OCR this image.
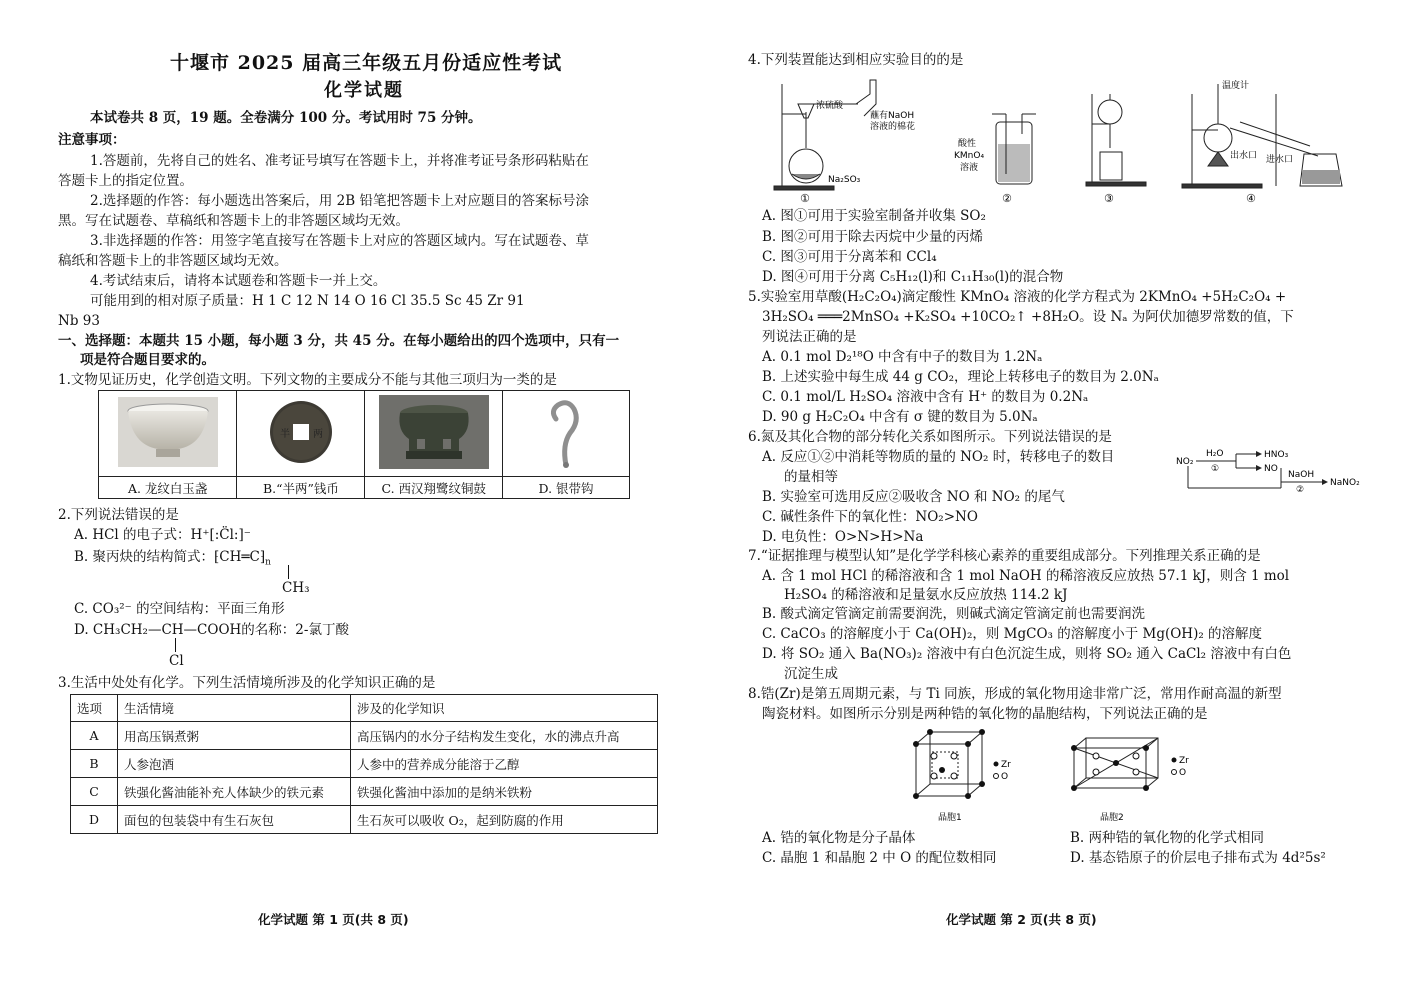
十堰市 2025 届高三年级五月份适应性考试
化学试题
本试卷共 8 页，19 题。全卷满分 100 分。考试用时 75 分钟。
注意事项：
1.答题前，先将自己的姓名、准考证号填写在答题卡上，并将准考证号条形码粘贴在
答题卡上的指定位置。
2.选择题的作答：每小题选出答案后，用 2B 铅笔把答题卡上对应题目的答案标号涂
黑。写在试题卷、草稿纸和答题卡上的非答题区域均无效。
3.非选择题的作答：用签字笔直接写在答题卡上对应的答题区域内。写在试题卷、草
稿纸和答题卡上的非答题区域均无效。
4.考试结束后，请将本试题卷和答题卡一并上交。
可能用到的相对原子质量：H 1 C 12 N 14 O 16 Cl 35.5 Sc 45 Zr 91
Nb 93
一、选择题：本题共 15 小题，每小题 3 分，共 45 分。在每小题给出的四个选项中，只有一
项是符合题目要求的。
1.文物见证历史，化学创造文明。下列文物的主要成分不能与其他三项归为一类的是

半 两

A. 龙纹白玉盏	B.“半两”钱币	C. 西汉翔鹭纹铜鼓	D. 银带钩
2.下列说法错误的是
A. HCl 的电子式：H⁺[:C̈l:]⁻
B. 聚丙炔的结构简式：$⁅CH═C⁆_n$
CH₃
C. CO₃²⁻ 的空间结构：平面三角形
D. CH₃CH₂—CH—COOH的名称：2-氯丁酸
Cl
3.生活中处处有化学。下列生活情境所涉及的化学知识正确的是
选项	生活情境	涉及的化学知识
A	用高压锅煮粥	高压锅内的水分子结构发生变化，水的沸点升高
B	人参泡酒	人参中的营养成分能溶于乙醇
C	铁强化酱油能补充人体缺少的铁元素	铁强化酱油中添加的是纳米铁粉
D	面包的包装袋中有生石灰包	生石灰可以吸收 O₂，起到防腐的作用
化学试题 第 1 页(共 8 页)
4.下列装置能达到相应实验目的的是
浓硫酸
蘸有NaOH
溶液的棉花
Na₂SO₃
①
酸性
KMnO₄
溶液
②	③
温度计
出水口 进水口
④
A. 图①可用于实验室制备并收集 SO₂
B. 图②可用于除去丙烷中少量的丙烯
C. 图③可用于分离苯和 CCl₄
D. 图④可用于分离 C₅H₁₂(l)和 C₁₁H₃₀(l)的混合物
5.实验室用草酸(H₂C₂O₄)滴定酸性 KMnO₄ 溶液的化学方程式为 2KMnO₄ +5H₂C₂O₄ +
3H₂SO₄ ═══2MnSO₄ +K₂SO₄ +10CO₂↑ +8H₂O。设 Nₐ 为阿伏加德罗常数的值，下
列说法正确的是
A. 0.1 mol D₂¹⁸O 中含有中子的数目为 1.2Nₐ
B. 上述实验中每生成 44 g CO₂，理论上转移电子的数目为 2.0Nₐ
C. 0.1 mol/L H₂SO₄ 溶液中含有 H⁺ 的数目为 0.2Nₐ
D. 90 g H₂C₂O₄ 中含有 σ 键的数目为 5.0Nₐ
6.氮及其化合物的部分转化关系如图所示。下列说法错误的是
A. 反应①②中消耗等物质的量的 NO₂ 时，转移电子的数目
的量相等
B. 实验室可选用反应②吸收含 NO 和 NO₂ 的尾气
C. 碱性条件下的氧化性：NO₂>NO
D. 电负性：O>N>H>Na
NO₂
H₂O
①
HNO₃
NO
NaOH
②
NaNO₂
7.“证据推理与模型认知”是化学学科核心素养的重要组成部分。下列推理关系正确的是
A. 含 1 mol HCl 的稀溶液和含 1 mol NaOH 的稀溶液反应放热 57.1 kJ，则含 1 mol
H₂SO₄ 的稀溶液和足量氨水反应放热 114.2 kJ
B. 酸式滴定管滴定前需要润洗，则碱式滴定管滴定前也需要润洗
C. CaCO₃ 的溶解度小于 Ca(OH)₂，则 MgCO₃ 的溶解度小于 Mg(OH)₂ 的溶解度
D. 将 SO₂ 通入 Ba(NO₃)₂ 溶液中有白色沉淀生成，则将 SO₂ 通入 CaCl₂ 溶液中有白色
沉淀生成
8.锆(Zr)是第五周期元素，与 Ti 同族，形成的氧化物用途非常广泛，常用作耐高温的新型
陶瓷材料。如图所示分别是两种锆的氧化物的晶胞结构，下列说法正确的是
Zr
O
晶胞1
Zr
O
晶胞2
A. 锆的氧化物是分子晶体	B. 两种锆的氧化物的化学式相同
C. 晶胞 1 和晶胞 2 中 O 的配位数相同	D. 基态锆原子的价层电子排布式为 4d²5s²
化学试题 第 2 页(共 8 页)
